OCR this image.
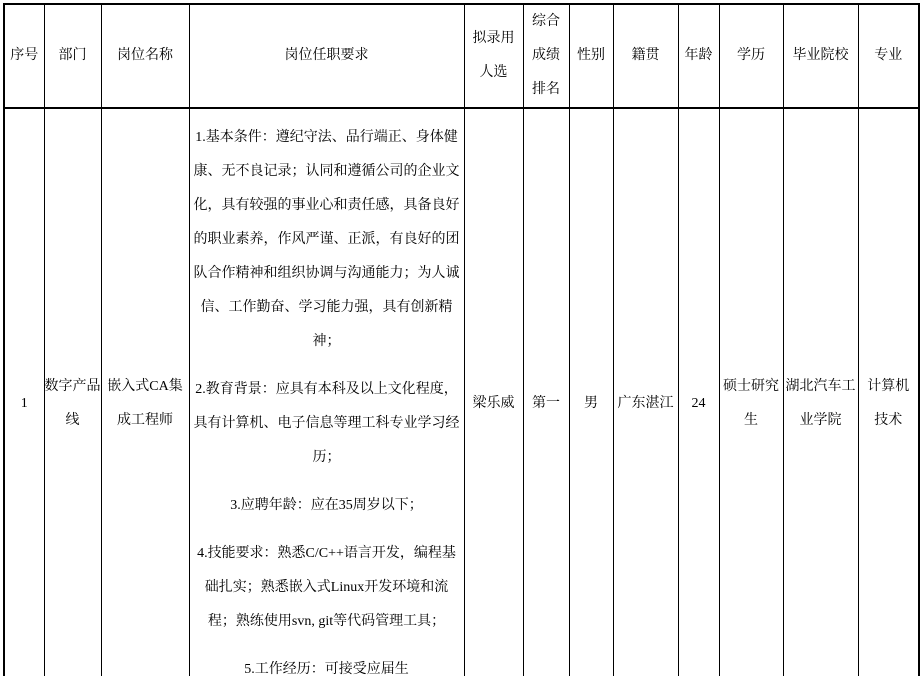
序号	部门	岗位名称	岗位任职要求	拟录用人选	综合成绩排名	性别	籍贯	年龄	学历	毕业院校	专业
1	数字产品线	嵌入式CA集成工程师	1.基本条件：遵纪守法、品行端正、身体健康、无不良记录；认同和遵循公司的企业文化，具有较强的事业心和责任感，具备良好的职业素养，作风严谨、正派，有良好的团队合作精神和组织协调与沟通能力；为人诚信、工作勤奋、学习能力强，具有创新精神；

2.教育背景：应具有本科及以上文化程度，具有计算机、电子信息等理工科专业学习经历；

3.应聘年龄：应在35周岁以下；

4.技能要求：熟悉C/C++语言开发，编程基础扎实；熟悉嵌入式Linux开发环境和流程；熟练使用svn, git等代码管理工具；

5.工作经历：可接受应届生	梁乐威	第一	男	广东湛江	24	硕士研究生	湖北汽车工业学院	计算机技术
